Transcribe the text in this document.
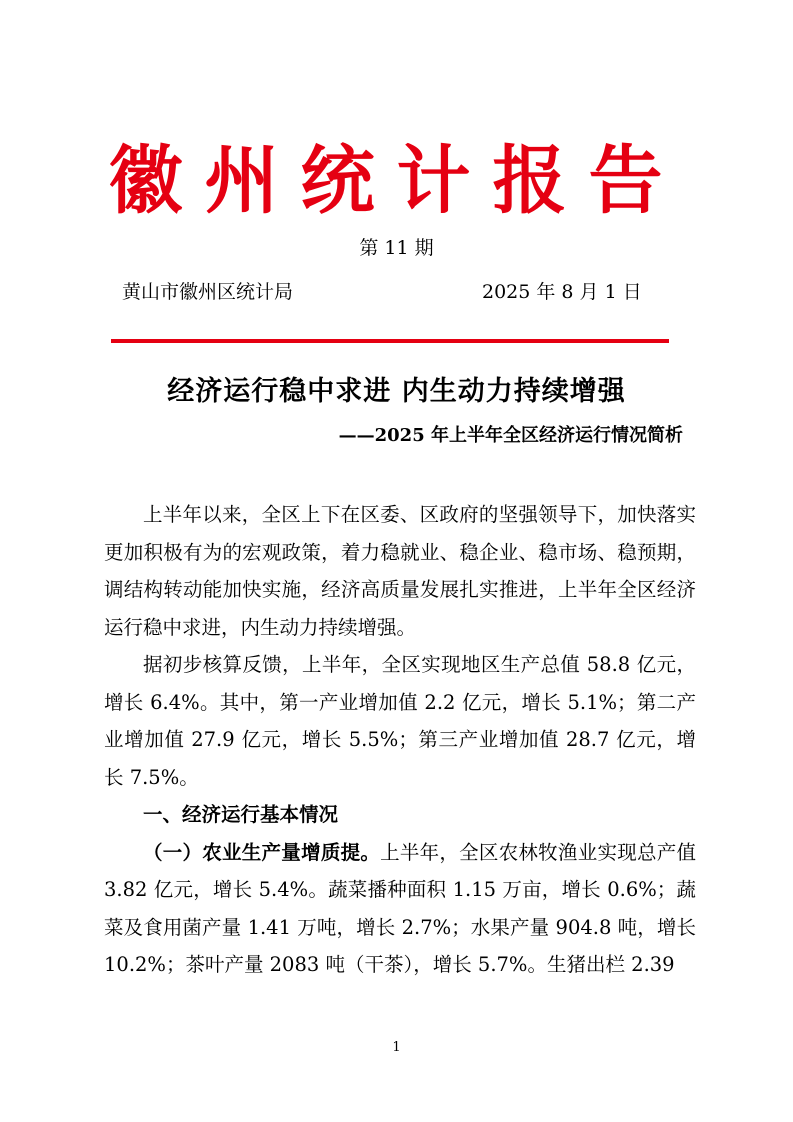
徽州统计报告
第 11 期
黄山市徽州区统计局	2025 年 8 月 1 日
经济运行稳中求进 内生动力持续增强
——2025 年上半年全区经济运行情况简析

上半年以来，全区上下在区委、区政府的坚强领导下，加快落实更加积极有为的宏观政策，着力稳就业、稳企业、稳市场、稳预期，调结构转动能加快实施，经济高质量发展扎实推进，上半年全区经济运行稳中求进，内生动力持续增强。

据初步核算反馈，上半年，全区实现地区生产总值 58.8 亿元，增长 6.4%。其中，第一产业增加值 2.2 亿元，增长 5.1%；第二产业增加值 27.9 亿元，增长 5.5%；第三产业增加值 28.7 亿元，增长 7.5%。

一、经济运行基本情况

（一）农业生产量增质提。上半年，全区农林牧渔业实现总产值 3.82 亿元，增长 5.4%。蔬菜播种面积 1.15 万亩，增长 0.6%；蔬菜及食用菌产量 1.41 万吨，增长 2.7%；水果产量 904.8 吨，增长 10.2%；茶叶产量 2083 吨（干茶），增长 5.7%。生猪出栏 2.39

1
